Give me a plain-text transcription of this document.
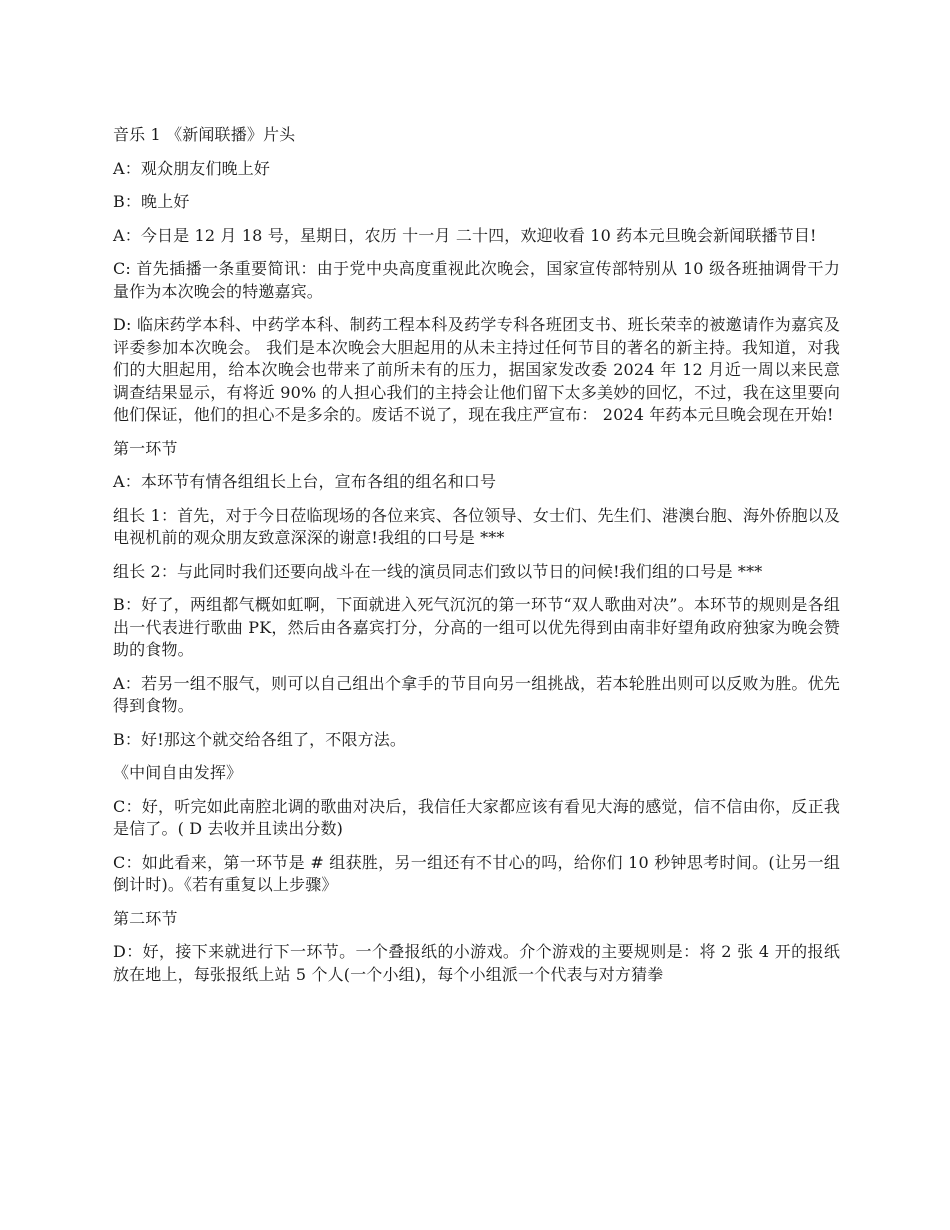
音乐 1 《新闻联播》片头

A：观众朋友们晚上好

B：晚上好

A：今日是 12 月 18 号，星期日，农历 十一月 二十四，欢迎收看 10 药本元旦晚会新闻联播节目!

C: 首先插播一条重要简讯：由于党中央高度重视此次晚会，国家宣传部特别从 10 级各班抽调骨干力量作为本次晚会的特邀嘉宾。

D: 临床药学本科、中药学本科、制药工程本科及药学专科各班团支书、班长荣幸的被邀请作为嘉宾及评委参加本次晚会。 我们是本次晚会大胆起用的从未主持过任何节目的著名的新主持。我知道，对我们的大胆起用，给本次晚会也带来了前所未有的压力，据国家发改委 2024 年 12 月近一周以来民意调查结果显示，有将近 90% 的人担心我们的主持会让他们留下太多美妙的回忆，不过，我在这里要向他们保证，他们的担心不是多余的。废话不说了，现在我庄严宣布： 2024 年药本元旦晚会现在开始!

第一环节

A：本环节有情各组组长上台，宣布各组的组名和口号

组长 1：首先，对于今日莅临现场的各位来宾、各位领导、女士们、先生们、港澳台胞、海外侨胞以及电视机前的观众朋友致意深深的谢意!我组的口号是 ***

组长 2：与此同时我们还要向战斗在一线的演员同志们致以节日的问候!我们组的口号是 ***

B：好了，两组都气概如虹啊，下面就进入死气沉沉的第一环节“双人歌曲对决”。本环节的规则是各组出一代表进行歌曲 PK，然后由各嘉宾打分，分高的一组可以优先得到由南非好望角政府独家为晚会赞助的食物。

A：若另一组不服气，则可以自己组出个拿手的节目向另一组挑战，若本轮胜出则可以反败为胜。优先得到食物。

B：好!那这个就交给各组了，不限方法。

《中间自由发挥》

C：好，听完如此南腔北调的歌曲对决后，我信任大家都应该有看见大海的感觉，信不信由你，反正我是信了。( D 去收并且读出分数)

C：如此看来，第一环节是 # 组获胜，另一组还有不甘心的吗，给你们 10 秒钟思考时间。(让另一组倒计时)。《若有重复以上步骤》

第二环节

D：好，接下来就进行下一环节。一个叠报纸的小游戏。介个游戏的主要规则是：将 2 张 4 开的报纸放在地上，每张报纸上站 5 个人(一个小组)，每个小组派一个代表与对方猜拳
